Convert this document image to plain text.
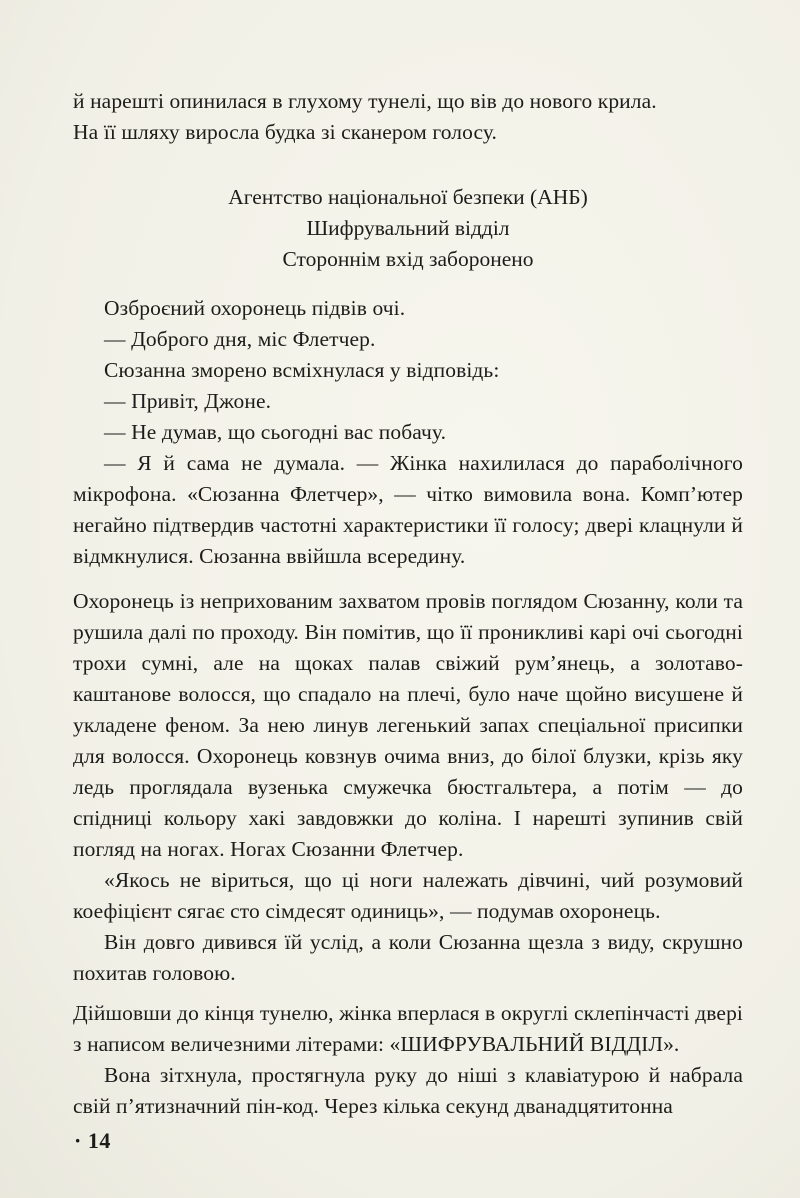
й нарешті опинилася в глухому тунелі, що вів до нового крила.

На її шляху виросла будка зі сканером голосу.

Агентство національної безпеки (АНБ)

Шифрувальний відділ

Стороннім вхід заборонено

Озброєний охоронець підвів очі.

— Доброго дня, міс Флетчер.

Сюзанна зморено всміхнулася у відповідь:

— Привіт, Джоне.

— Не думав, що сьогодні вас побачу.

— Я й сама не думала. — Жінка нахилилася до параболічного мікрофона. «Сюзанна Флетчер», — чітко вимовила вона. Комп’ютер негайно підтвердив частотні характеристики її голосу; двері клацнули й відмкнулися. Сюзанна ввійшла всередину.

Охоронець із неприхованим захватом провів поглядом Сюзанну, коли та рушила далі по проходу. Він помітив, що її проникливі карі очі сьогодні трохи сумні, але на щоках палав свіжий рум’янець, а золотаво-каштанове волосся, що спадало на плечі, було наче щойно висушене й укладене феном. За нею линув легенький запах спеціальної присипки для волосся. Охоронець ковзнув очима вниз, до білої блузки, крізь яку ледь проглядала вузенька смужечка бюстгальтера, а потім — до спідниці кольору хакі завдовжки до коліна. І нарешті зупинив свій погляд на ногах. Ногах Сюзанни Флетчер.

«Якось не віриться, що ці ноги належать дівчині, чий розумовий коефіцієнт сягає сто сімдесят одиниць», — подумав охоронець.

Він довго дивився їй услід, а коли Сюзанна щезла з виду, скрушно похитав головою.

Дійшовши до кінця тунелю, жінка вперлася в округлі склепінчасті двері з написом величезними літерами: «ШИФРУВАЛЬНИЙ ВІДДІЛ».

Вона зітхнула, простягнула руку до ніші з клавіатурою й набрала свій п’ятизначний пін-код. Через кілька секунд дванадцятитонна

· 14
